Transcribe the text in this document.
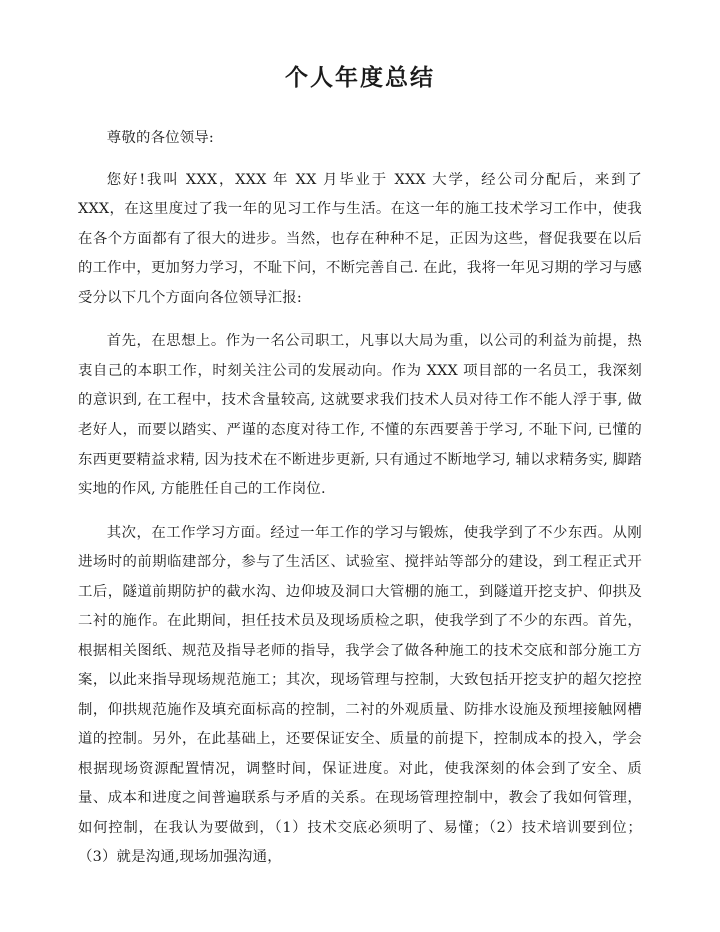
个人年度总结

尊敬的各位领导:

您好!我叫 XXX，XXX 年 XX 月毕业于 XXX 大学，经公司分配后，来到了 XXX，在这里度过了我一年的见习工作与生活。在这一年的施工技术学习工作中，使我在各个方面都有了很大的进步。当然，也存在种种不足，正因为这些，督促我要在以后的工作中，更加努力学习，不耻下问，不断完善自己. 在此，我将一年见习期的学习与感受分以下几个方面向各位领导汇报:

首先，在思想上。作为一名公司职工，凡事以大局为重，以公司的利益为前提，热衷自己的本职工作，时刻关注公司的发展动向。作为 XXX 项目部的一名员工，我深刻的意识到, 在工程中，技术含量较高, 这就要求我们技术人员对待工作不能人浮于事, 做老好人，而要以踏实、严谨的态度对待工作, 不懂的东西要善于学习, 不耻下问, 已懂的东西更要精益求精, 因为技术在不断进步更新, 只有通过不断地学习, 辅以求精务实, 脚踏实地的作风, 方能胜任自己的工作岗位.

其次，在工作学习方面。经过一年工作的学习与锻炼，使我学到了不少东西。从刚进场时的前期临建部分，参与了生活区、试验室、搅拌站等部分的建设，到工程正式开工后，隧道前期防护的截水沟、边仰坡及洞口大管棚的施工，到隧道开挖支护、仰拱及二衬的施作。在此期间，担任技术员及现场质检之职，使我学到了不少的东西。首先，根据相关图纸、规范及指导老师的指导，我学会了做各种施工的技术交底和部分施工方案，以此来指导现场规范施工；其次，现场管理与控制，大致包括开挖支护的超欠挖控制，仰拱规范施作及填充面标高的控制，二衬的外观质量、防排水设施及预埋接触网槽道的控制。另外，在此基础上，还要保证安全、质量的前提下，控制成本的投入，学会根据现场资源配置情况，调整时间，保证进度。对此，使我深刻的体会到了安全、质量、成本和进度之间普遍联系与矛盾的关系。在现场管理控制中，教会了我如何管理，如何控制，在我认为要做到，（1）技术交底必须明了、易懂；（2）技术培训要到位；（3）就是沟通,现场加强沟通，
